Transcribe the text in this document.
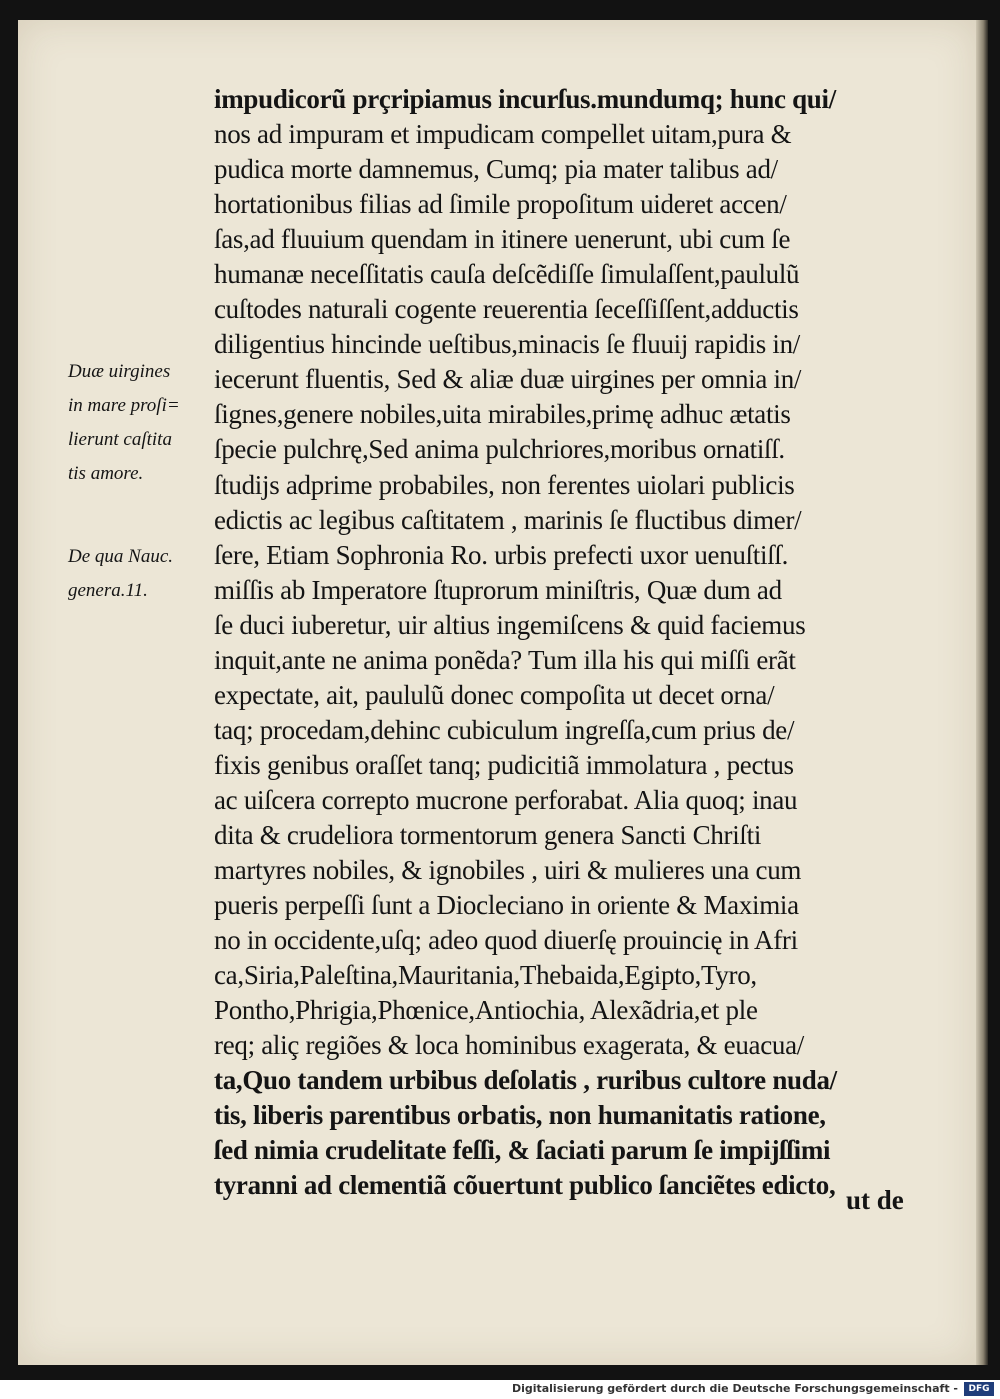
Duæ uirgines
in mare proſi=
lierunt caſtita
tis amore.
De qua Nauc.
genera.11.
impudicorũ prçripiamus incurſus.mundumq; hunc qui/
nos ad impuram et impudicam compellet uitam,pura &
pudica morte damnemus, Cumq; pia mater talibus ad/
hortationibus filias ad ſimile propoſitum uideret accen/
ſas,ad fluuium quendam in itinere uenerunt, ubi cum ſe
humanæ neceſſitatis cauſa deſcẽdiſſe ſimulaſſent,paululũ
cuſtodes naturali cogente reuerentia ſeceſſiſſent,adductis
diligentius hincinde ueſtibus,minacis ſe fluuij rapidis in/
iecerunt fluentis, Sed & aliæ duæ uirgines per omnia in/
ſignes,genere nobiles,uita mirabiles,primę adhuc ætatis
ſpecie pulchrę,Sed anima pulchriores,moribus ornatiſſ.
ſtudijs adprime probabiles, non ferentes uiolari publicis
edictis ac legibus caſtitatem , marinis ſe fluctibus dimer/
ſere, Etiam Sophronia Ro. urbis prefecti uxor uenuſtiſſ.
miſſis ab Imperatore ſtuprorum miniſtris, Quæ dum ad
ſe duci iuberetur, uir altius ingemiſcens & quid faciemus
inquit,ante ne anima ponẽda? Tum illa his qui miſſi erãt
expectate, ait, paululũ donec compoſita ut decet orna/
taq; procedam,dehinc cubiculum ingreſſa,cum prius de/
fixis genibus oraſſet tanq; pudicitiã immolatura , pectus
ac uiſcera correpto mucrone perforabat. Alia quoq; inau
dita & crudeliora tormentorum genera Sancti Chriſti
martyres nobiles, & ignobiles , uiri & mulieres una cum
pueris perpeſſi ſunt a Diocleciano in oriente & Maximia
no in occidente,uſq; adeo quod diuerſę prouincię in Afri
ca,Siria,Paleſtina,Mauritania,Thebaida,Egipto,Tyro,
Pontho,Phrigia,Phœnice,Antiochia, Alexãdria,et ple
req; aliç regiões & loca hominibus exagerata, & euacua/
ta,Quo tandem urbibus deſolatis , ruribus cultore nuda/
tis, liberis parentibus orbatis, non humanitatis ratione,
ſed nimia crudelitate feſſi, & ſaciati parum ſe impijſſimi
tyranni ad clementiã cõuertunt publico ſanciẽtes edicto, ut de
Digitalisierung gefördert durch die Deutsche Forschungsgemeinschaft -	DFG
